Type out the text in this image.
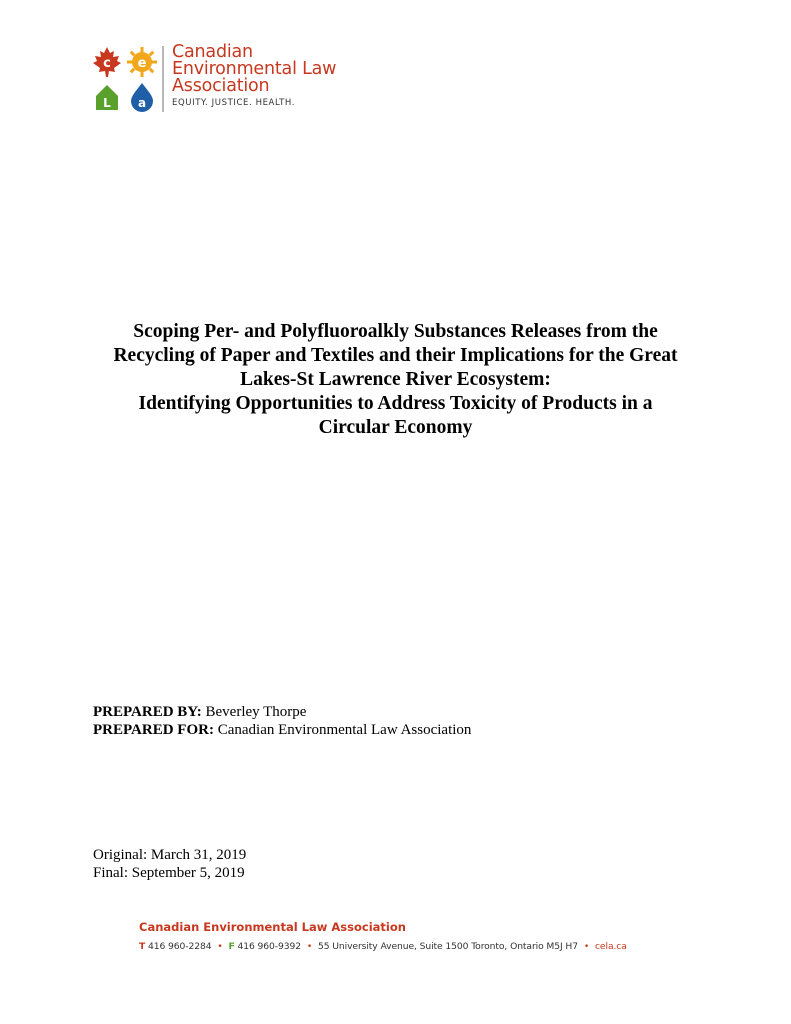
c e
L a
Canadian
Environmental Law
Association
EQUITY. JUSTICE. HEALTH.
Scoping Per- and Polyfluoroalkly Substances Releases from the
Recycling of Paper and Textiles and their Implications for the Great
Lakes-St Lawrence River Ecosystem:
Identifying Opportunities to Address Toxicity of Products in a
Circular Economy
PREPARED BY: Beverley Thorpe
PREPARED FOR: Canadian Environmental Law Association
Original: March 31, 2019
Final: September 5, 2019
Canadian Environmental Law Association
T 416 960-2284 • F 416 960-9392 • 55 University Avenue, Suite 1500 Toronto, Ontario M5J H7 • cela.ca
